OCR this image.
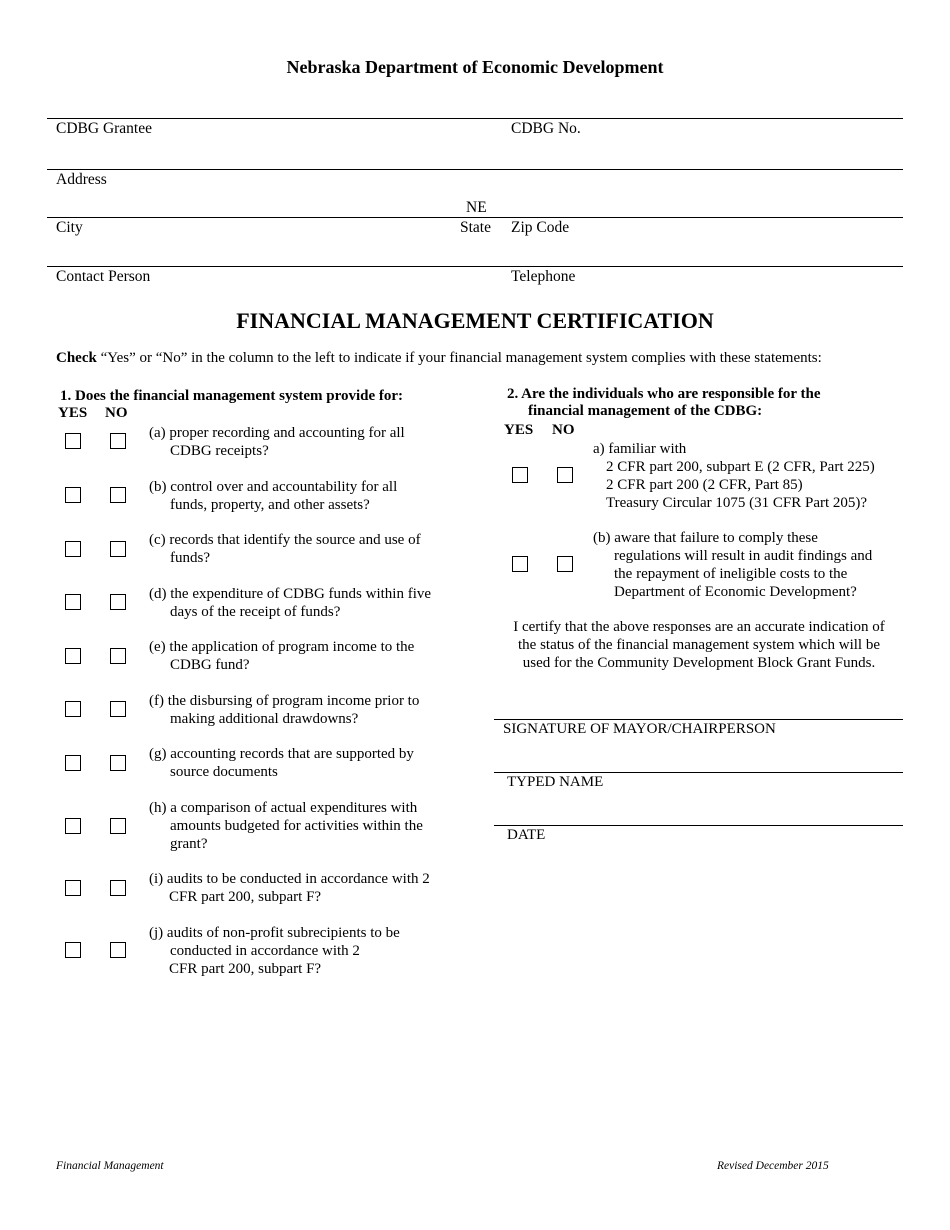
Nebraska Department of Economic Development
CDBG Grantee	CDBG No.
Address
NE
City	State Zip Code
Contact Person	Telephone
FINANCIAL MANAGEMENT CERTIFICATION
Check “Yes” or “No” in the column to the left to indicate if your financial management system complies with these statements:
1. Does the financial management system provide for:
YES NO
(a) proper recording and accounting for all
CDBG receipts?
(b) control over and accountability for all
funds, property, and other assets?
(c) records that identify the source and use of
funds?
(d) the expenditure of CDBG funds within five
days of the receipt of funds?
(e) the application of program income to the
CDBG fund?
(f) the disbursing of program income prior to
making additional drawdowns?
(g) accounting records that are supported by
source documents
(h) a comparison of actual expenditures with
amounts budgeted for activities within the
grant?
(i) audits to be conducted in accordance with 2
CFR part 200, subpart F?
(j) audits of non-profit subrecipients to be
conducted in accordance with 2
CFR part 200, subpart F?
2. Are the individuals who are responsible for the
financial management of the CDBG:
YES NO
a) familiar with
2 CFR part 200, subpart E (2 CFR, Part 225)
2 CFR part 200 (2 CFR, Part 85)
Treasury Circular 1075 (31 CFR Part 205)?
(b) aware that failure to comply these
regulations will result in audit findings and
the repayment of ineligible costs to the
Department of Economic Development?
I certify that the above responses are an accurate indication of
the status of the financial management system which will be
used for the Community Development Block Grant Funds.
SIGNATURE OF MAYOR/CHAIRPERSON
TYPED NAME
DATE
Financial Management	Revised December 2015
